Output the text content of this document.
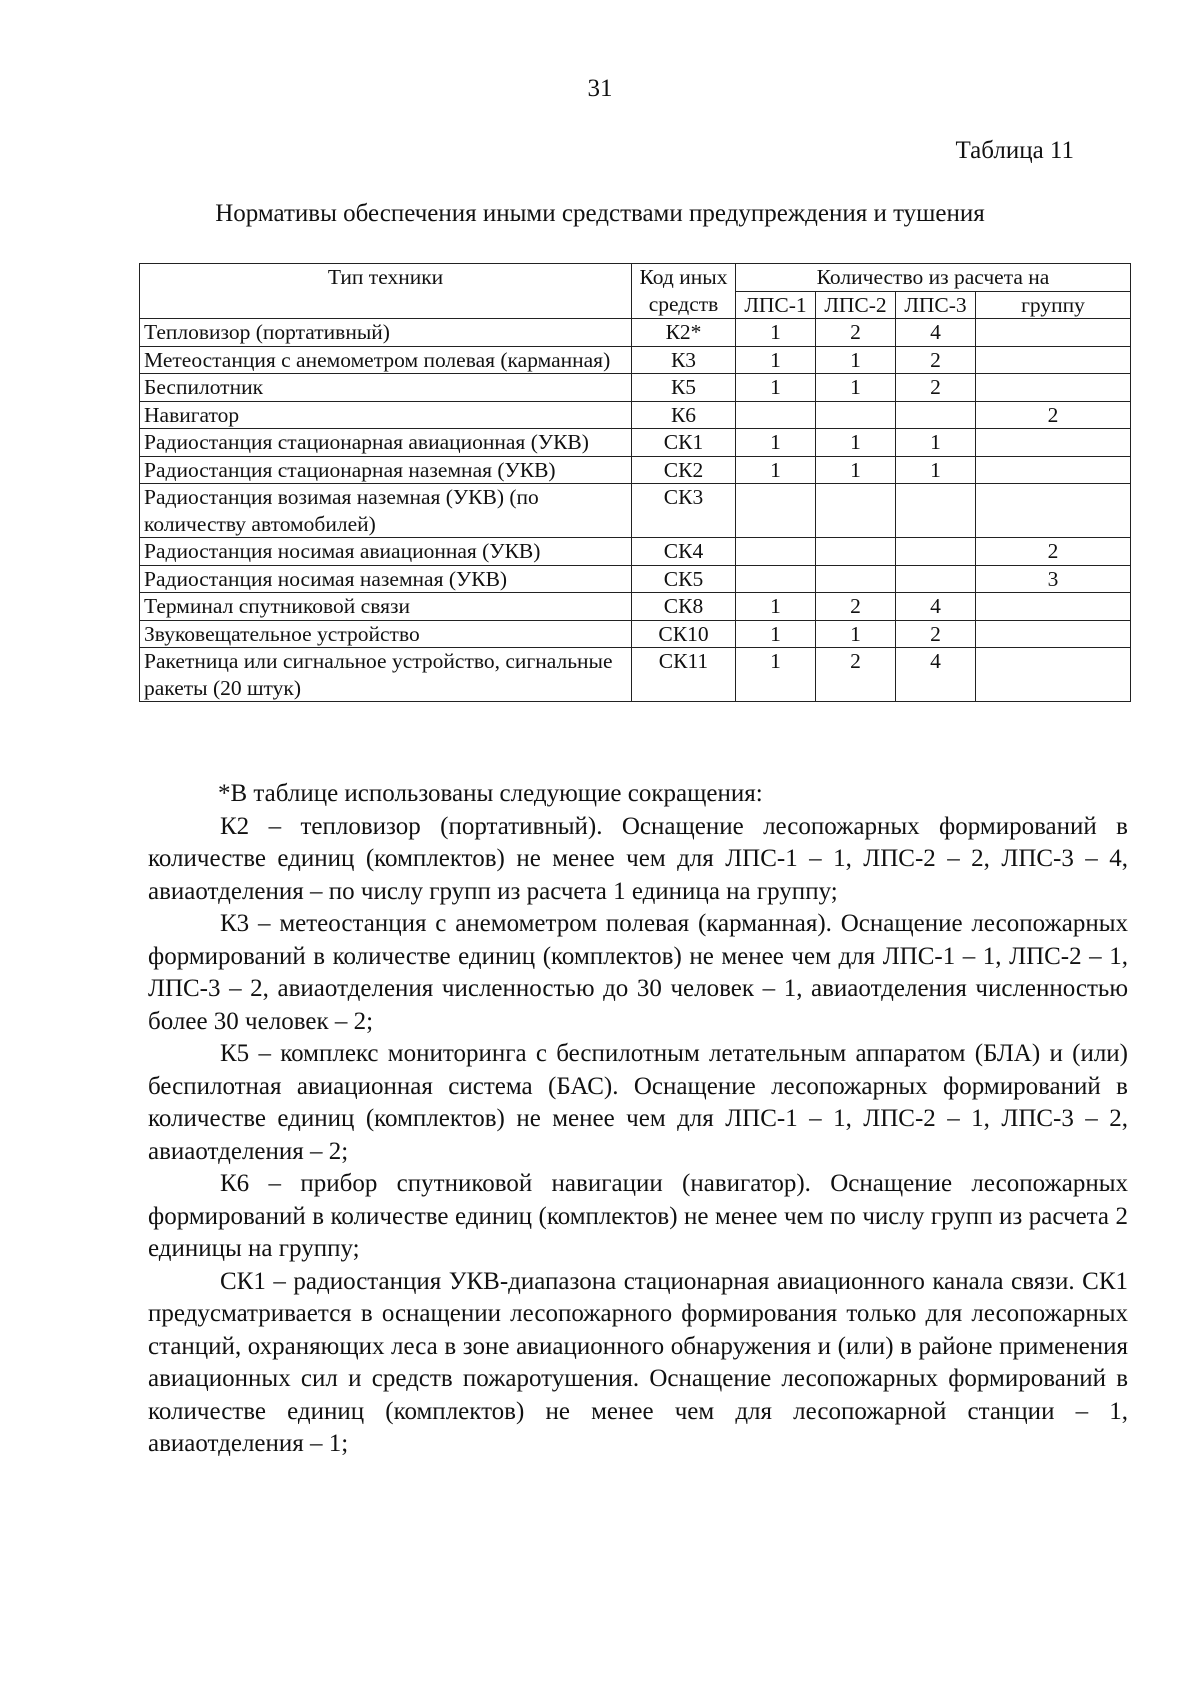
31
Таблица 11
Нормативы обеспечения иными средствами предупреждения и тушения
Тип техники	Код иных средств	Количество из расчета на			
		ЛПС-1	ЛПС-2	ЛПС-3	группу

Тепловизор (портативный)	К2*	1	2	4	
Метеостанция с анемометром полевая (карманная)	К3	1	1	2	
Беспилотник	К5	1	1	2	
Навигатор	К6				2
Радиостанция стационарная авиационная (УКВ)	СК1	1	1	1	
Радиостанция стационарная наземная (УКВ)	СК2	1	1	1	
Радиостанция возимая наземная (УКВ) (по количеству автомобилей)	СК3				
Радиостанция носимая авиационная (УКВ)	СК4				2
Радиостанция носимая наземная (УКВ)	СК5				3
Терминал спутниковой связи	СК8	1	2	4	
Звуковещательное устройство	СК10	1	1	2	
Ракетница или сигнальное устройство, сигнальные ракеты (20 штук)	СК11	1	2	4	

*В таблице использованы следующие сокращения:

К2 – тепловизор (портативный). Оснащение лесопожарных формирований в количестве единиц (комплектов) не менее чем для ЛПС-1 – 1, ЛПС-2 – 2, ЛПС-3 – 4, авиаотделения – по числу групп из расчета 1 единица на группу;

К3 – метеостанция с анемометром полевая (карманная). Оснащение лесопожарных формирований в количестве единиц (комплектов) не менее чем для ЛПС-1 – 1, ЛПС-2 – 1, ЛПС-3 – 2, авиаотделения численностью до 30 человек – 1, авиаотделения численностью более 30 человек – 2;

К5 – комплекс мониторинга с беспилотным летательным аппаратом (БЛА) и (или) беспилотная авиационная система (БАС). Оснащение лесопожарных формирований в количестве единиц (комплектов) не менее чем для ЛПС-1 – 1, ЛПС-2 – 1, ЛПС-3 – 2, авиаотделения – 2;

К6 – прибор спутниковой навигации (навигатор). Оснащение лесопожарных формирований в количестве единиц (комплектов) не менее чем по числу групп из расчета 2 единицы на группу;

СК1 – радиостанция УКВ-диапазона стационарная авиационного канала связи. СК1 предусматривается в оснащении лесопожарного формирования только для лесопожарных станций, охраняющих леса в зоне авиационного обнаружения и (или) в районе применения авиационных сил и средств пожаротушения. Оснащение лесопожарных формирований в количестве единиц (комплектов) не менее чем для лесопожарной станции – 1, авиаотделения – 1;
